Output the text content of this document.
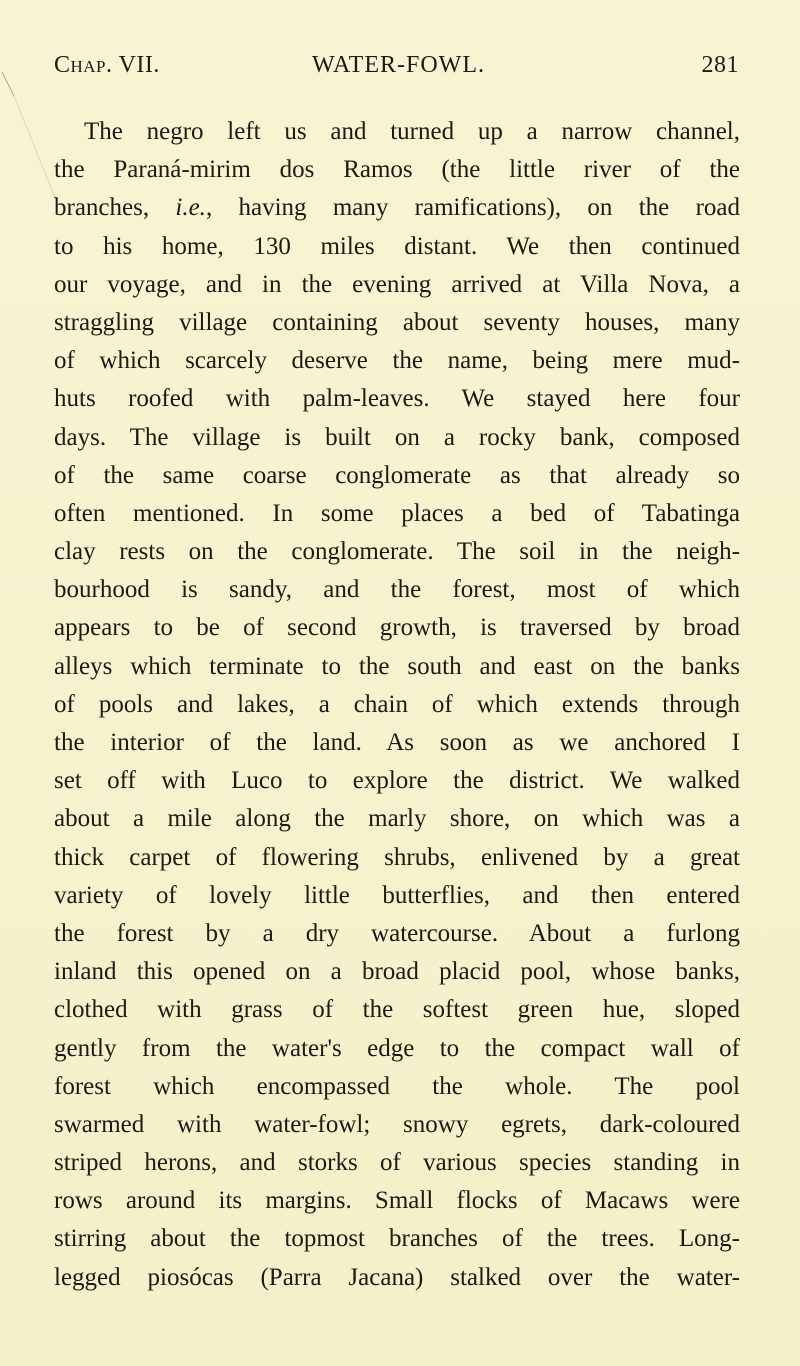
Chap. VII.	WATER-FOWL.	281
The negro left us and turned up a narrow channel,
the Paraná-mirim dos Ramos (the little river of the
branches, i.e., having many ramifications), on the road
to his home, 130 miles distant. We then continued
our voyage, and in the evening arrived at Villa Nova, a
straggling village containing about seventy houses, many
of which scarcely deserve the name, being mere mud-
huts roofed with palm-leaves. We stayed here four
days. The village is built on a rocky bank, composed
of the same coarse conglomerate as that already so
often mentioned. In some places a bed of Tabatinga
clay rests on the conglomerate. The soil in the neigh-
bourhood is sandy, and the forest, most of which
appears to be of second growth, is traversed by broad
alleys which terminate to the south and east on the banks
of pools and lakes, a chain of which extends through
the interior of the land. As soon as we anchored I
set off with Luco to explore the district. We walked
about a mile along the marly shore, on which was a
thick carpet of flowering shrubs, enlivened by a great
variety of lovely little butterflies, and then entered
the forest by a dry watercourse. About a furlong
inland this opened on a broad placid pool, whose banks,
clothed with grass of the softest green hue, sloped
gently from the water's edge to the compact wall of
forest which encompassed the whole. The pool
swarmed with water-fowl; snowy egrets, dark-coloured
striped herons, and storks of various species standing in
rows around its margins. Small flocks of Macaws were
stirring about the topmost branches of the trees. Long-
legged piosócas (Parra Jacana) stalked over the water-
